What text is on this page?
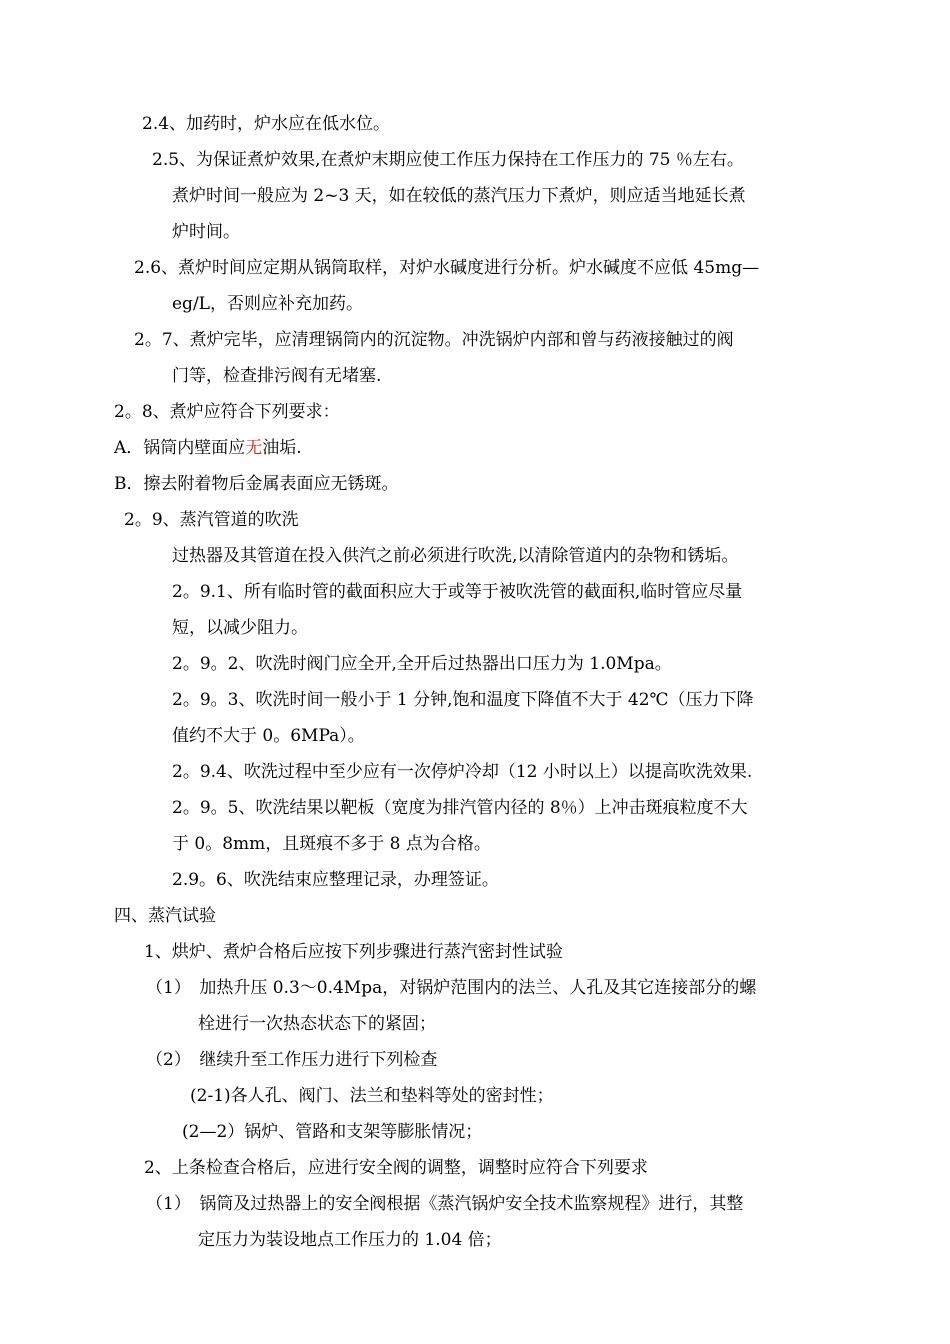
2.4、加药时，炉水应在低水位。
2.5、为保证煮炉效果,在煮炉末期应使工作压力保持在工作压力的 75 ％左右。
煮炉时间一般应为 2~3 天，如在较低的蒸汽压力下煮炉，则应适当地延长煮
炉时间。
2.6、煮炉时间应定期从锅筒取样，对炉水碱度进行分析。炉水碱度不应低 45mg—
eg/L，否则应补充加药。
2。7、煮炉完毕，应清理锅筒内的沉淀物。冲洗锅炉内部和曾与药液接触过的阀
门等，检查排污阀有无堵塞.
2。8、煮炉应符合下列要求：
A．锅筒内壁面应无油垢.
B．擦去附着物后金属表面应无锈斑。
2。9、蒸汽管道的吹洗
过热器及其管道在投入供汽之前必须进行吹洗,以清除管道内的杂物和锈垢。
2。9.1、所有临时管的截面积应大于或等于被吹洗管的截面积,临时管应尽量
短，以减少阻力。
2。9。2、吹洗时阀门应全开,全开后过热器出口压力为 1.0Mpa。
2。9。3、吹洗时间一般小于 1 分钟,饱和温度下降值不大于 42℃（压力下降
值约不大于 0。6MPa）。
2。9.4、吹洗过程中至少应有一次停炉冷却（12 小时以上）以提高吹洗效果.
2。9。5、吹洗结果以靶板（宽度为排汽管内径的 8％）上冲击斑痕粒度不大
于 0。8mm，且斑痕不多于 8 点为合格。
2.9。6、吹洗结束应整理记录，办理签证。
四、蒸汽试验
1、烘炉、煮炉合格后应按下列步骤进行蒸汽密封性试验
（1）　加热升压 0.3～0.4Mpa，对锅炉范围内的法兰、人孔及其它连接部分的螺
栓进行一次热态状态下的紧固；
（2）　继续升至工作压力进行下列检查
(2-1)各人孔、阀门、法兰和垫料等处的密封性；
(2—2）锅炉、管路和支架等膨胀情况；
2、上条检查合格后，应进行安全阀的调整，调整时应符合下列要求
（1）　锅筒及过热器上的安全阀根据《蒸汽锅炉安全技术监察规程》进行，其整
定压力为装设地点工作压力的 1.04 倍；
